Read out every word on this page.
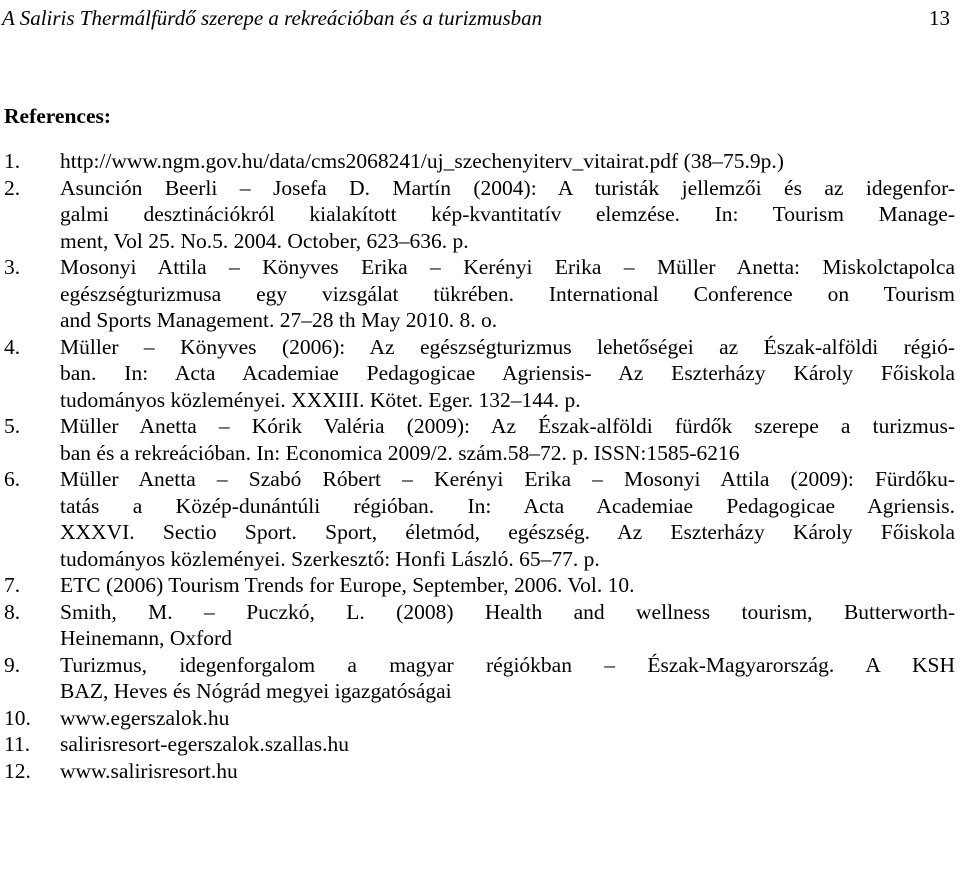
A Saliris Thermálfürdő szerepe a rekreációban és a turizmusban	13
References:
1. http://www.ngm.gov.hu/data/cms2068241/uj_szechenyiterv_vitairat.pdf (38–75.9p.)
2. Asunción Beerli – Josefa D. Martín (2004): A turisták jellemzői és az idegenfor-
galmi desztinációkról kialakított kép-kvantitatív elemzése. In: Tourism Manage-
ment, Vol 25. No.5. 2004. October, 623–636. p.
3. Mosonyi Attila – Könyves Erika – Kerényi Erika – Müller Anetta: Miskolctapolca
egészségturizmusa egy vizsgálat tükrében. International Conference on Tourism
and Sports Management. 27–28 th May 2010. 8. o.
4. Müller – Könyves (2006): Az egészségturizmus lehetőségei az Észak-alföldi régió-
ban. In: Acta Academiae Pedagogicae Agriensis- Az Eszterházy Károly Főiskola
tudományos közleményei. XXXIII. Kötet. Eger. 132–144. p.
5. Müller Anetta – Kórik Valéria (2009): Az Észak-alföldi fürdők szerepe a turizmus-
ban és a rekreációban. In: Economica 2009/2. szám.58–72. p. ISSN:1585-6216
6. Müller Anetta – Szabó Róbert – Kerényi Erika – Mosonyi Attila (2009): Fürdőku-
tatás a Közép-dunántúli régióban. In: Acta Academiae Pedagogicae Agriensis.
XXXVI. Sectio Sport. Sport, életmód, egészség. Az Eszterházy Károly Főiskola
tudományos közleményei. Szerkesztő: Honfi László. 65–77. p.
7. ETC (2006) Tourism Trends for Europe, September, 2006. Vol. 10.
8. Smith, M. – Puczkó, L. (2008) Health and wellness tourism, Butterworth-
Heinemann, Oxford
9. Turizmus, idegenforgalom a magyar régiókban – Észak-Magyarország. A KSH
BAZ, Heves és Nógrád megyei igazgatóságai
10. www.egerszalok.hu
11. salirisresort-egerszalok.szallas.hu
12. www.salirisresort.hu
